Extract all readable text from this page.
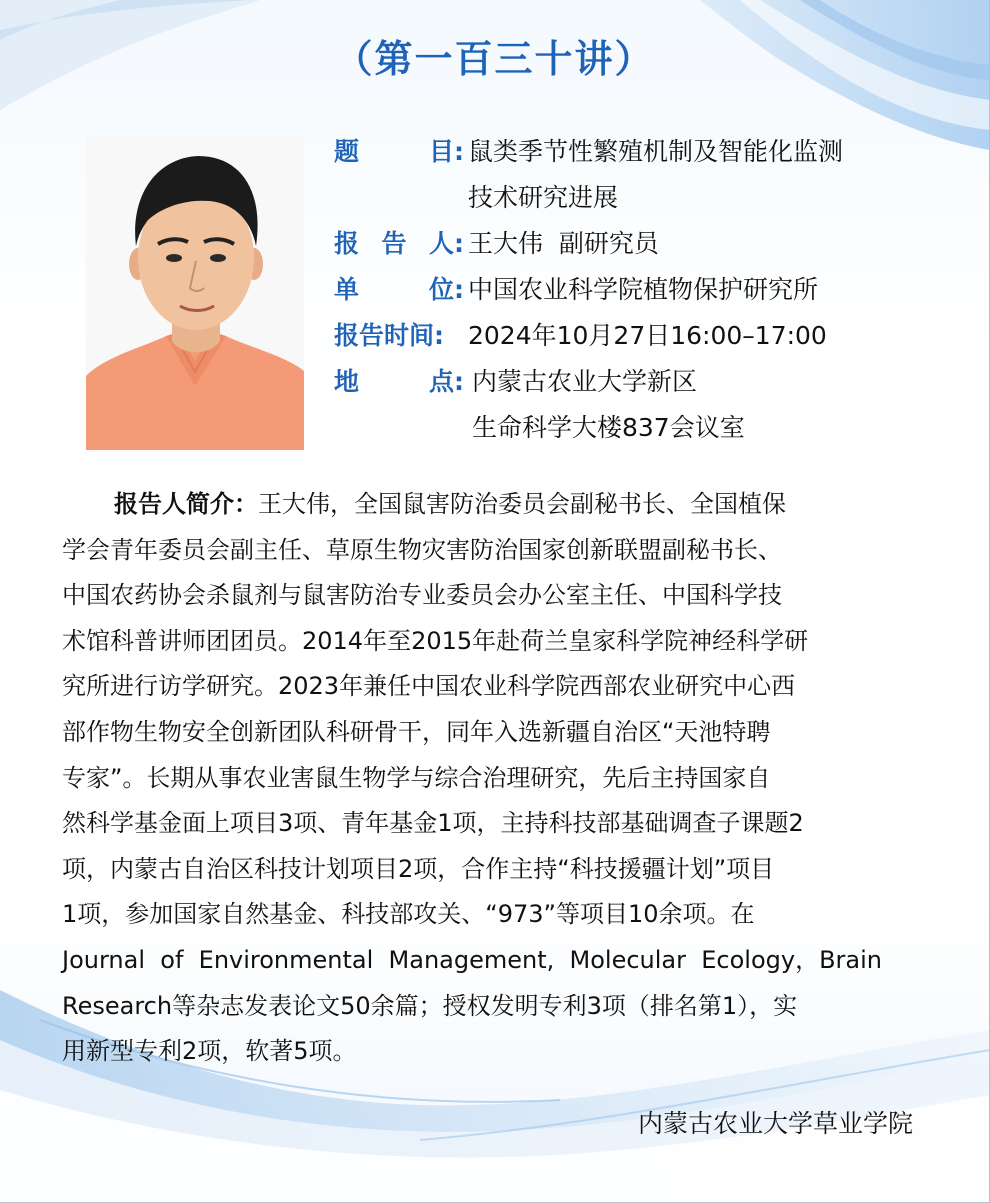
（第一百三十讲）
题	目: 鼠类季节性繁殖机制及智能化监测
技术研究进展
报 告 人: 王大伟  副研究员
单	位: 中国农业科学院植物保护研究所
报告时间: 2024年10月27日16:00–17:00
地	点: 内蒙古农业大学新区
生命科学大楼837会议室
报告人简介：王大伟，全国鼠害防治委员会副秘书长、全国植保
学会青年委员会副主任、草原生物灾害防治国家创新联盟副秘书长、
中国农药协会杀鼠剂与鼠害防治专业委员会办公室主任、中国科学技
术馆科普讲师团团员。2014年至2015年赴荷兰皇家科学院神经科学研
究所进行访学研究。2023年兼任中国农业科学院西部农业研究中心西
部作物生物安全创新团队科研骨干，同年入选新疆自治区“天池特聘
专家”。长期从事农业害鼠生物学与综合治理研究，先后主持国家自
然科学基金面上项目3项、青年基金1项，主持科技部基础调查子课题2
项，内蒙古自治区科技计划项目2项，合作主持“科技援疆计划”项目
1项，参加国家自然基金、科技部攻关、“973”等项目10余项。在
Journal  of  Environmental  Management,  Molecular  Ecology，Brain
Research等杂志发表论文50余篇；授权发明专利3项（排名第1），实
用新型专利2项，软著5项。
内蒙古农业大学草业学院
